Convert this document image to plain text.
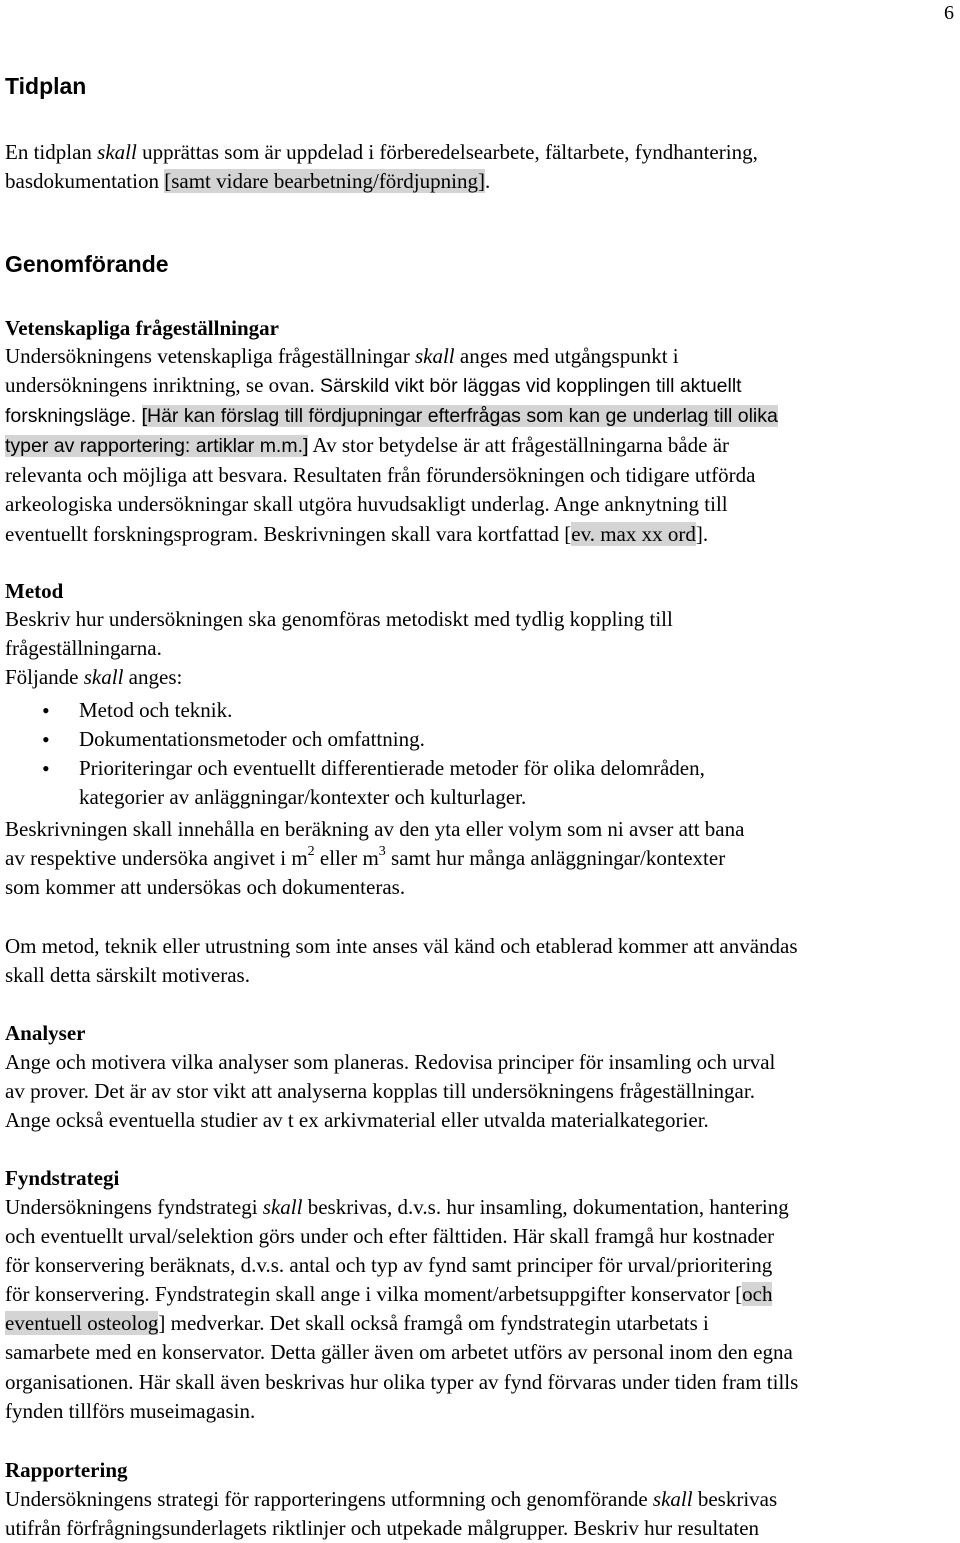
6
Tidplan
En tidplan skall upprättas som är uppdelad i förberedelsearbete, fältarbete, fyndhantering,
basdokumentation [samt vidare bearbetning/fördjupning].
Genomförande
Vetenskapliga frågeställningar
Undersökningens vetenskapliga frågeställningar skall anges med utgångspunkt i
undersökningens inriktning, se ovan. Särskild vikt bör läggas vid kopplingen till aktuellt
forskningsläge. [Här kan förslag till fördjupningar efterfrågas som kan ge underlag till olika
typer av rapportering: artiklar m.m.] Av stor betydelse är att frågeställningarna både är
relevanta och möjliga att besvara. Resultaten från förundersökningen och tidigare utförda
arkeologiska undersökningar skall utgöra huvudsakligt underlag. Ange anknytning till
eventuellt forskningsprogram. Beskrivningen skall vara kortfattad [ev. max xx ord].
Metod
Beskriv hur undersökningen ska genomföras metodiskt med tydlig koppling till
frågeställningarna.
Följande skall anges:
• Metod och teknik.
• Dokumentationsmetoder och omfattning.
• Prioriteringar och eventuellt differentierade metoder för olika delområden,
kategorier av anläggningar/kontexter och kulturlager.
Beskrivningen skall innehålla en beräkning av den yta eller volym som ni avser att bana
av respektive undersöka angivet i $m^2$ eller $m^3$ samt hur många anläggningar/kontexter
som kommer att undersökas och dokumenteras.
Om metod, teknik eller utrustning som inte anses väl känd och etablerad kommer att användas
skall detta särskilt motiveras.
Analyser
Ange och motivera vilka analyser som planeras. Redovisa principer för insamling och urval
av prover. Det är av stor vikt att analyserna kopplas till undersökningens frågeställningar.
Ange också eventuella studier av t ex arkivmaterial eller utvalda materialkategorier.
Fyndstrategi
Undersökningens fyndstrategi skall beskrivas, d.v.s. hur insamling, dokumentation, hantering
och eventuellt urval/selektion görs under och efter fälttiden. Här skall framgå hur kostnader
för konservering beräknats, d.v.s. antal och typ av fynd samt principer för urval/prioritering
för konservering. Fyndstrategin skall ange i vilka moment/arbetsuppgifter konservator [och
eventuell osteolog] medverkar. Det skall också framgå om fyndstrategin utarbetats i
samarbete med en konservator. Detta gäller även om arbetet utförs av personal inom den egna
organisationen. Här skall även beskrivas hur olika typer av fynd förvaras under tiden fram tills
fynden tillförs museimagasin.
Rapportering
Undersökningens strategi för rapporteringens utformning och genomförande skall beskrivas
utifrån förfrågningsunderlagets riktlinjer och utpekade målgrupper. Beskriv hur resultaten
